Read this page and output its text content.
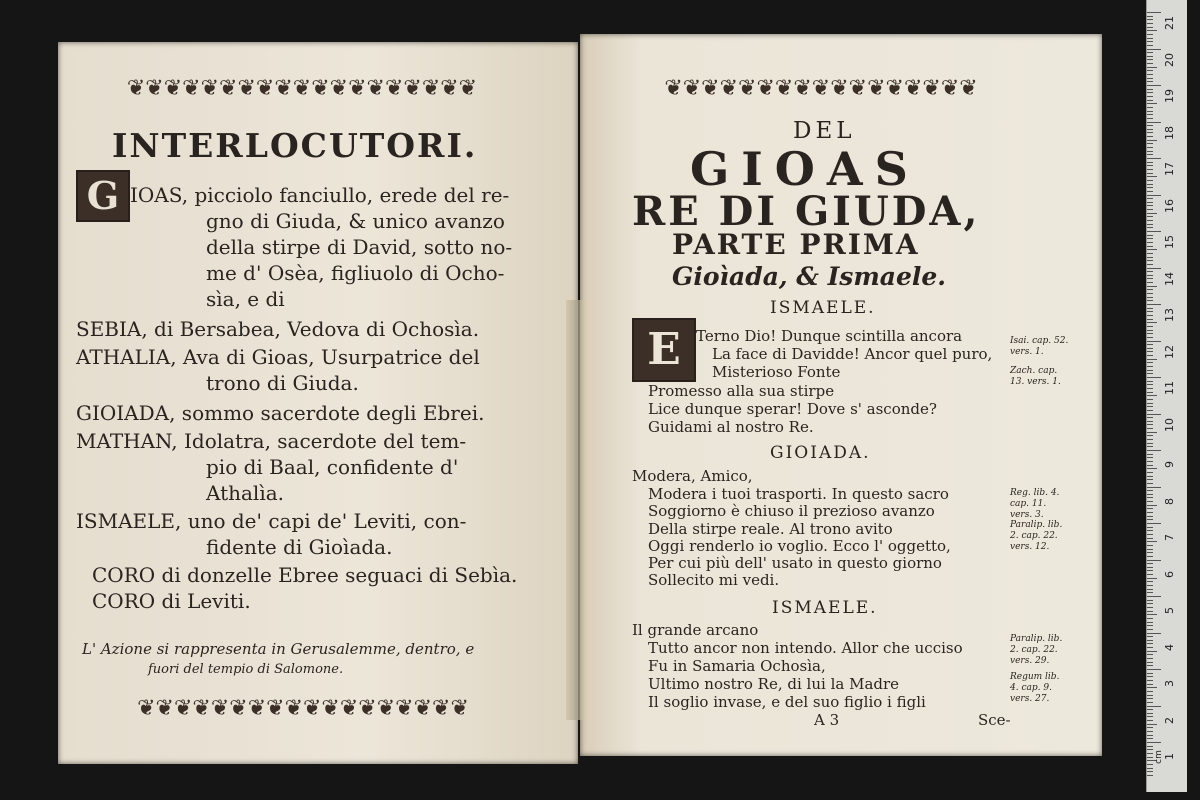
❦❦❦❦❦❦❦❦❦❦❦❦❦❦❦❦❦❦❦
INTERLOCUTORI.
G IOAS, picciolo fanciullo, erede del re-
gno di Giuda, & unico avanzo
della stirpe di David, sotto no-
me d' Osèa, figliuolo di Ocho-
sìa, e di
SEBIA, di Bersabea, Vedova di Ochosìa.
ATHALIA, Ava di Gioas, Usurpatrice del
trono di Giuda.
GIOIADA, sommo sacerdote degli Ebrei.
MATHAN, Idolatra, sacerdote del tem-
pio di Baal, confidente d'
Athalìa.
ISMAELE, uno de' capi de' Leviti, con-
fidente di Gioìada.
CORO di donzelle Ebree seguaci di Sebìa.
CORO di Leviti.
L' Azione si rappresenta in Gerusalemme, dentro, e
fuori del tempio di Salomone.
❦❦❦❦❦❦❦❦❦❦❦❦❦❦❦❦❦❦
❦❦❦❦❦❦❦❦❦❦❦❦❦❦❦❦❦
DEL
GIOAS
RE DI GIUDA,
PARTE PRIMA
Gioìada, & Ismaele.
ISMAELE.
E	Terno Dio! Dunque scintilla ancora
La face di Davidde! Ancor quel puro,
Misterioso Fonte
Promesso alla sua stirpe
Lice dunque sperar! Dove s' asconde?
Guidami al nostro Re.
GIOIADA.
Modera, Amico,
Modera i tuoi trasporti. In questo sacro
Soggiorno è chiuso il prezioso avanzo
Della stirpe reale. Al trono avito
Oggi renderlo io voglio. Ecco l' oggetto,
Per cui più dell' usato in questo giorno
Sollecito mi vedi.
ISMAELE.
Il grande arcano
Tutto ancor non intendo. Allor che ucciso
Fu in Samaria Ochosìa,
Ultimo nostro Re, di lui la Madre
Il soglio invase, e del suo figlio i figli
A 3	Sce-
Isai. cap. 52. vers. 1.
Zach. cap. 13. vers. 1.
Reg. lib. 4. cap. 11. vers. 3.
Paralip. lib. 2. cap. 22. vers. 12.
Paralip. lib. 2. cap. 22. vers. 29.
Regum lib. 4. cap. 9. vers. 27.
21
20
19
18
17
16
15
14
13
12
11
10
9
8
7
6
5
4
3
2
1
cm
